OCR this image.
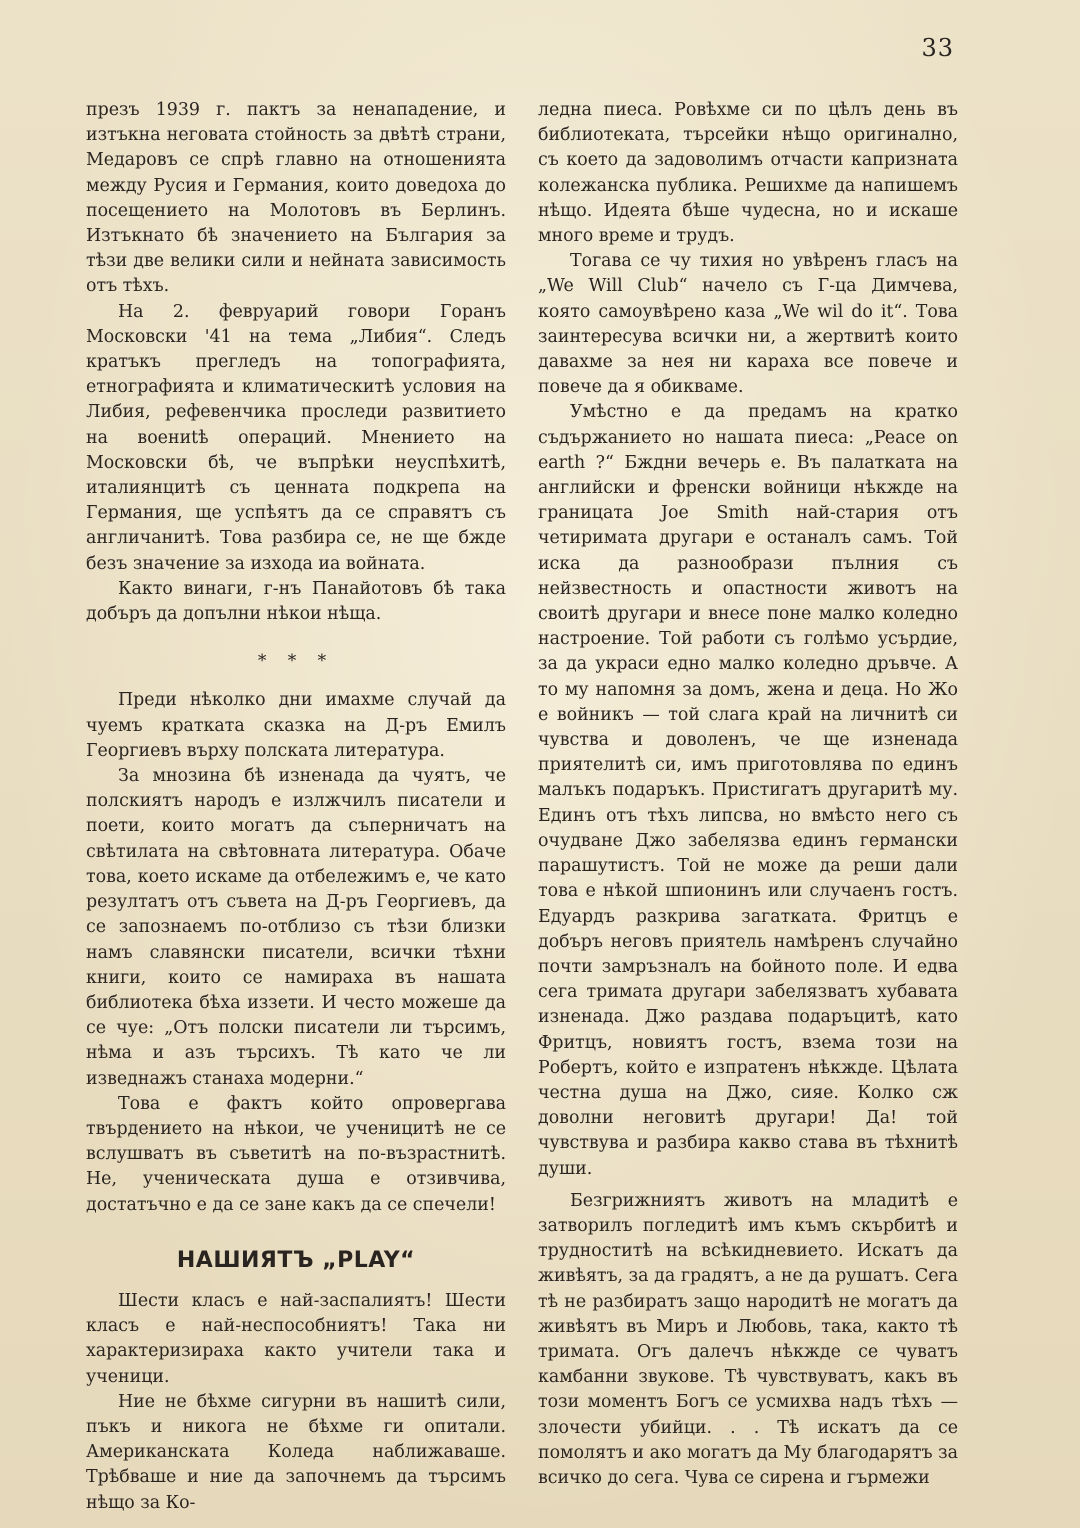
33

презъ 1939 г. пактъ за ненападение, и изтъкна неговата стойность за двѣтѣ страни, Медаровъ се спрѣ главно на отношенията между Русия и Германия, които доведоха до посещението на Молотовъ въ Берлинъ. Изтъкнато бѣ значението на България за тѣзи две велики сили и нейната зависимость отъ тѣхъ.

На 2. февруарий говори Горанъ Московски '41 на тема „Либия“. Следъ кратъкъ прегледъ на топографията, етнографията и климатическитѣ условия на Либия, рефевенчика проследи развитието на воениtѣ операций. Мнението на Московски бѣ, че въпрѣки неуспѣхитѣ, италиянцитѣ съ ценната подкрепа на Германия, ще успѣятъ да се справятъ съ англичанитѣ. Това разбира се, не ще бжде безъ значение за изхода иа войната.

Както винаги, г-нъ Панайотовъ бѣ така добъръ да допълни нѣкои нѣща.

* * *

Преди нѣколко дни имахме случай да чуемъ кратката сказка на Д-ръ Емилъ Георгиевъ върху полската литература.

За мнозина бѣ изненада да чуятъ, че полскиятъ народъ е излжчилъ писатели и поети, които могатъ да съперничатъ на свѣтилата на свѣтовната литература. Обаче това, което искаме да отбележимъ е, че като резултатъ отъ съвета на Д-ръ Георгиевъ, да се запознаемъ по-отблизо съ тѣзи близки намъ славянски писатели, всички тѣхни книги, които се намираха въ нашата библиотека бѣха иззети. И често можеше да се чуе: „Отъ полски писатели ли търсимъ, нѣма и азъ търсихъ. Тѣ като че ли изведнажъ станаха модерни.“

Това е фактъ който опровергава твърдението на нѣкои, че ученицитѣ не се вслушватъ въ съветитѣ на по-възрастнитѣ. Не, ученическата душа е отзивчива, достатъчно е да се зане какъ да се спечели!

НАШИЯТЪ „PLAY“

Шести класъ е най-заспалиятъ! Шести класъ е най-неспособниятъ! Така ни характеризираха както учители така и ученици.

Ние не бѣхме сигурни въ нашитѣ сили, пъкъ и никога не бѣхме ги опитали. Американската Коледа наближаваше. Трѣбваше и ние да започнемъ да търсимъ нѣщо за Ко-

ледна пиеса. Ровѣхме си по цѣлъ день въ библиотеката, търсейки нѣщо оригинално, съ което да задоволимъ отчасти капризната колежанска публика. Решихме да напишемъ нѣщо. Идеята бѣше чудесна, но и искаше много време и трудъ.

Тогава се чу тихия но увѣренъ гласъ на „We Will Club“ начело съ Г-ца Димчева, която самоувѣрено каза „We wil do it“. Това заинтересува всички ни, а жертвитѣ които давахме за нея ни караха все повече и повече да я обикваме.

Умѣстно е да предамъ на кратко съдържанието но нашата пиеса: „Peace on earth ?“ Бждни вечерь е. Въ палатката на английски и френски войници нѣкжде на границата Joe Smith най-стария отъ четиримата другари е останалъ самъ. Той иска да разнообрази пълния съ нейзвестность и опастности животъ на своитѣ другари и внесе поне малко коледно настроение. Той работи съ голѣмо усърдие, за да украси едно малко коледно дръвче. А то му напомня за домъ, жена и деца. Но Жо е войникъ — той слага край на личнитѣ си чувства и доволенъ, че ще изненада приятелитѣ си, имъ приготовлява по единъ малъкъ подаръкъ. Пристигатъ другаритѣ му. Единъ отъ тѣхъ липсва, но вмѣсто него съ очудване Джо забелязва единъ германски парашутистъ. Той не може да реши дали това е нѣкой шпионинъ или случаенъ гостъ. Едуардъ разкрива загатката. Фритцъ е добъръ неговъ приятель намѣренъ случайно почти замръзналъ на бойното поле. И едва сега тримата другари забелязватъ хубавата изненада. Джо раздава подаръцитѣ, като Фритцъ, новиятъ гостъ, взема този на Робертъ, който е изпратенъ нѣкжде. Цѣлата честна душа на Джо, сияе. Колко сж доволни неговитѣ другари! Да! той чувствува и разбира какво става въ тѣхнитѣ души.

Безгрижниятъ животъ на младитѣ е затворилъ погледитѣ имъ къмъ скърбитѣ и трудноститѣ на всѣкидневието. Искатъ да живѣятъ, за да градятъ, а не да рушатъ. Сега тѣ не разбиратъ защо народитѣ не могатъ да живѣятъ въ Миръ и Любовь, така, както тѣ тримата. Огъ далечъ нѣкжде се чуватъ камбанни звукове. Тѣ чувствуватъ, какъ въ този моментъ Богъ се усмихва надъ тѣхъ — злочести убийци. . . Тѣ искатъ да се помолятъ и ако могатъ да Му благодарятъ за всичко до сега. Чува се сирена и гърмежи
